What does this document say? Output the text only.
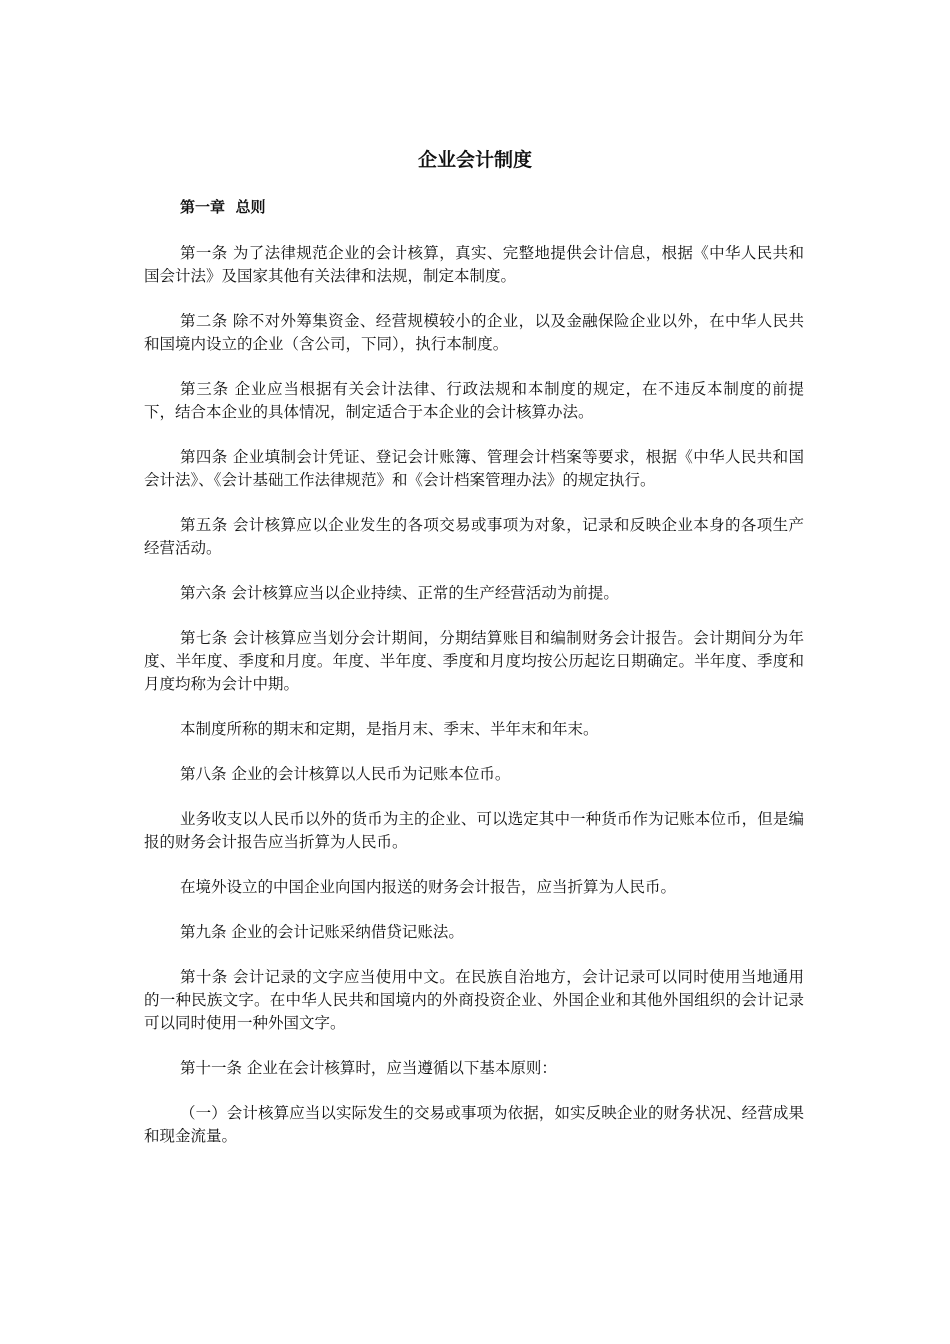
企业会计制度
第一章  总则

第一条 为了法律规范企业的会计核算，真实、完整地提供会计信息，根据《中华人民共和国会计法》及国家其他有关法律和法规，制定本制度。

第二条 除不对外筹集资金、经营规模较小的企业，以及金融保险企业以外，在中华人民共和国境内设立的企业（含公司，下同），执行本制度。

第三条 企业应当根据有关会计法律、行政法规和本制度的规定，在不违反本制度的前提下，结合本企业的具体情况，制定适合于本企业的会计核算办法。

第四条 企业填制会计凭证、登记会计账簿、管理会计档案等要求，根据《中华人民共和国会计法》、《会计基础工作法律规范》和《会计档案管理办法》的规定执行。

第五条 会计核算应以企业发生的各项交易或事项为对象，记录和反映企业本身的各项生产经营活动。

第六条 会计核算应当以企业持续、正常的生产经营活动为前提。

第七条 会计核算应当划分会计期间，分期结算账目和编制财务会计报告。会计期间分为年度、半年度、季度和月度。年度、半年度、季度和月度均按公历起讫日期确定。半年度、季度和月度均称为会计中期。

本制度所称的期末和定期，是指月末、季末、半年末和年末。

第八条 企业的会计核算以人民币为记账本位币。

业务收支以人民币以外的货币为主的企业、可以选定其中一种货币作为记账本位币，但是编报的财务会计报告应当折算为人民币。

在境外设立的中国企业向国内报送的财务会计报告，应当折算为人民币。

第九条 企业的会计记账采纳借贷记账法。

第十条 会计记录的文字应当使用中文。在民族自治地方，会计记录可以同时使用当地通用的一种民族文字。在中华人民共和国境内的外商投资企业、外国企业和其他外国组织的会计记录可以同时使用一种外国文字。

第十一条 企业在会计核算时，应当遵循以下基本原则：

（一）会计核算应当以实际发生的交易或事项为依据，如实反映企业的财务状况、经营成果和现金流量。
